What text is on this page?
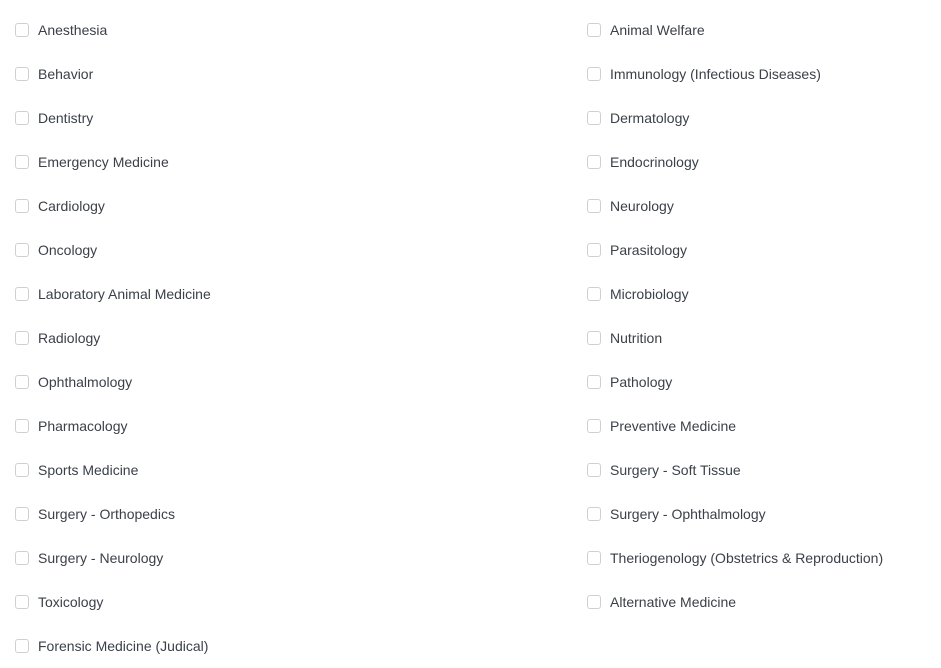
Anesthesia
Behavior
Dentistry
Emergency Medicine
Cardiology
Oncology
Laboratory Animal Medicine
Radiology
Ophthalmology
Pharmacology
Sports Medicine
Surgery - Orthopedics
Surgery - Neurology
Toxicology
Forensic Medicine (Judical)
Animal Welfare
Immunology (Infectious Diseases)
Dermatology
Endocrinology
Neurology
Parasitology
Microbiology
Nutrition
Pathology
Preventive Medicine
Surgery - Soft Tissue
Surgery - Ophthalmology
Theriogenology (Obstetrics & Reproduction)
Alternative Medicine
